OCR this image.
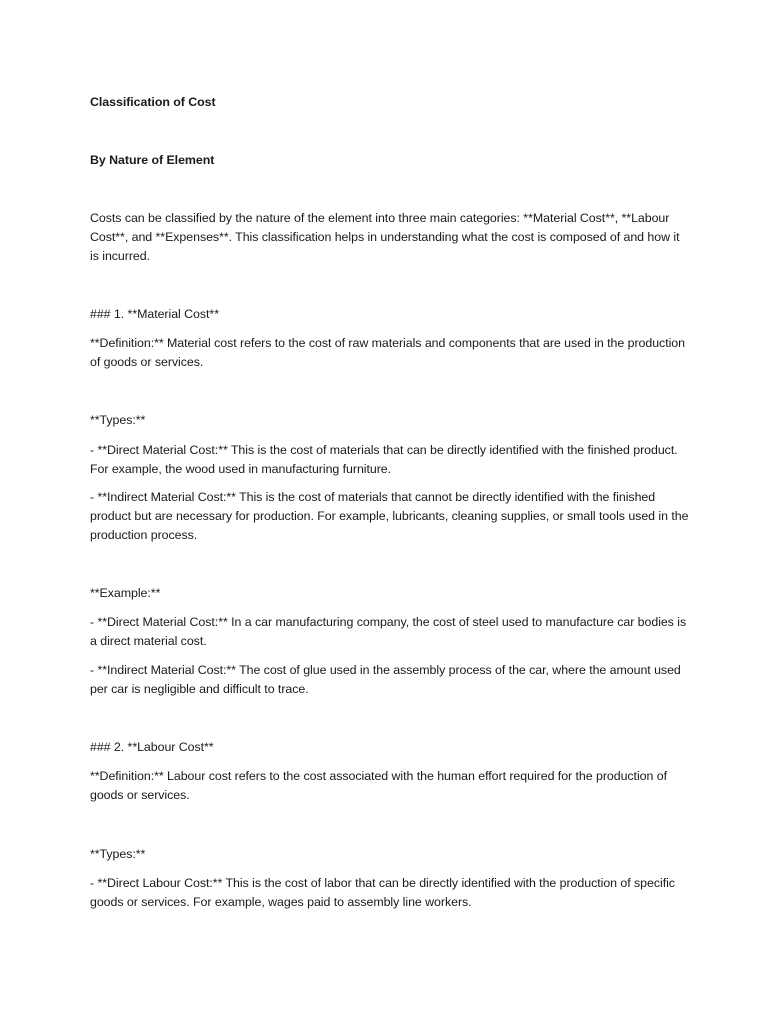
Classification of Cost

By Nature of Element

Costs can be classified by the nature of the element into three main categories: **Material Cost**, **Labour Cost**, and **Expenses**. This classification helps in understanding what the cost is composed of and how it is incurred.

### 1. **Material Cost**

**Definition:** Material cost refers to the cost of raw materials and components that are used in the production of goods or services.

**Types:**

- **Direct Material Cost:** This is the cost of materials that can be directly identified with the finished product. For example, the wood used in manufacturing furniture.

- **Indirect Material Cost:** This is the cost of materials that cannot be directly identified with the finished product but are necessary for production. For example, lubricants, cleaning supplies, or small tools used in the production process.

**Example:**

- **Direct Material Cost:** In a car manufacturing company, the cost of steel used to manufacture car bodies is a direct material cost.

- **Indirect Material Cost:** The cost of glue used in the assembly process of the car, where the amount used per car is negligible and difficult to trace.

### 2. **Labour Cost**

**Definition:** Labour cost refers to the cost associated with the human effort required for the production of goods or services.

**Types:**

- **Direct Labour Cost:** This is the cost of labor that can be directly identified with the production of specific goods or services. For example, wages paid to assembly line workers.
